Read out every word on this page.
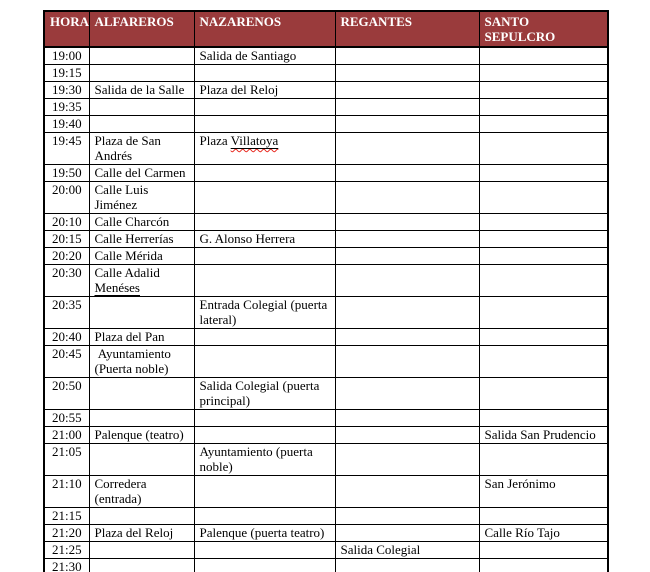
HORA	ALFAREROS	NAZARENOS	REGANTES	SANTO SEPULCRO
19:00		Salida de Santiago		
19:15				
19:30	Salida de la Salle	Plaza del Reloj		
19:35				
19:40				
19:45	Plaza de San Andrés	Plaza Villatoya		
19:50	Calle del Carmen			
20:00	Calle Luis Jiménez			
20:10	Calle Charcón			
20:15	Calle Herrerías	G. Alonso Herrera		
20:20	Calle Mérida			
20:30	Calle Adalid Menéses			
20:35		Entrada Colegial (puerta lateral)		
20:40	Plaza del Pan			
20:45	Ayuntamiento (Puerta noble)			
20:50		Salida Colegial (puerta principal)		
20:55				
21:00	Palenque (teatro)			Salida San Prudencio
21:05		Ayuntamiento (puerta noble)		
21:10	Corredera (entrada)			San Jerónimo
21:15				
21:20	Plaza del Reloj	Palenque (puerta teatro)		Calle Río Tajo
21:25			Salida Colegial	
21:30				
